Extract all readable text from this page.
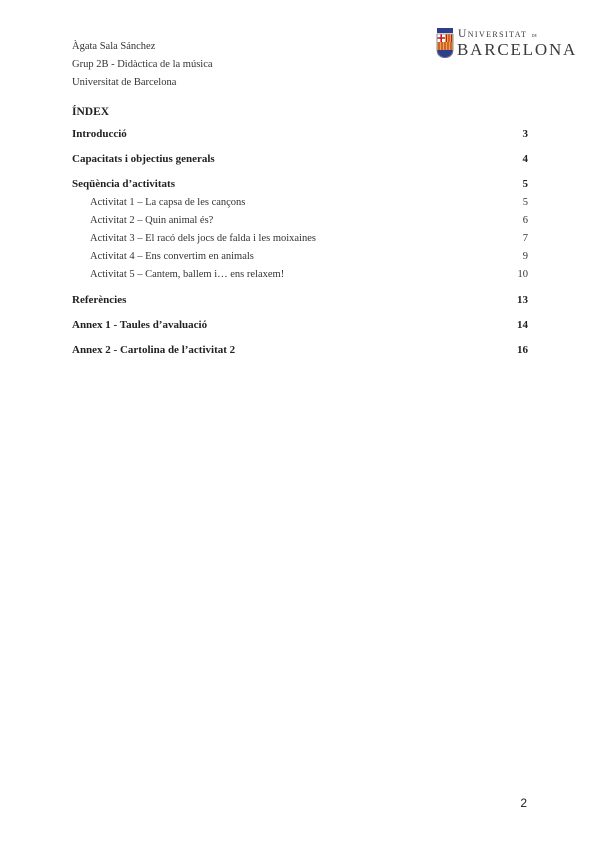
Àgata Sala Sánchez
Grup 2B - Didàctica de la música
Universitat de Barcelona
Universitat de
BARCELONA
ÍNDEX
Introducció	3
Capacitats i objectius generals	4
Seqüència d’activitats	5
Activitat 1 – La capsa de les cançons	5
Activitat 2 – Quin animal és?	6
Activitat 3 – El racó dels jocs de falda i les moixaines	7
Activitat 4 – Ens convertim en animals	9
Activitat 5 – Cantem, ballem i… ens relaxem!	10
Referències	13
Annex 1 - Taules d’avaluació	14
Annex 2 - Cartolina de l’activitat 2	16
2
